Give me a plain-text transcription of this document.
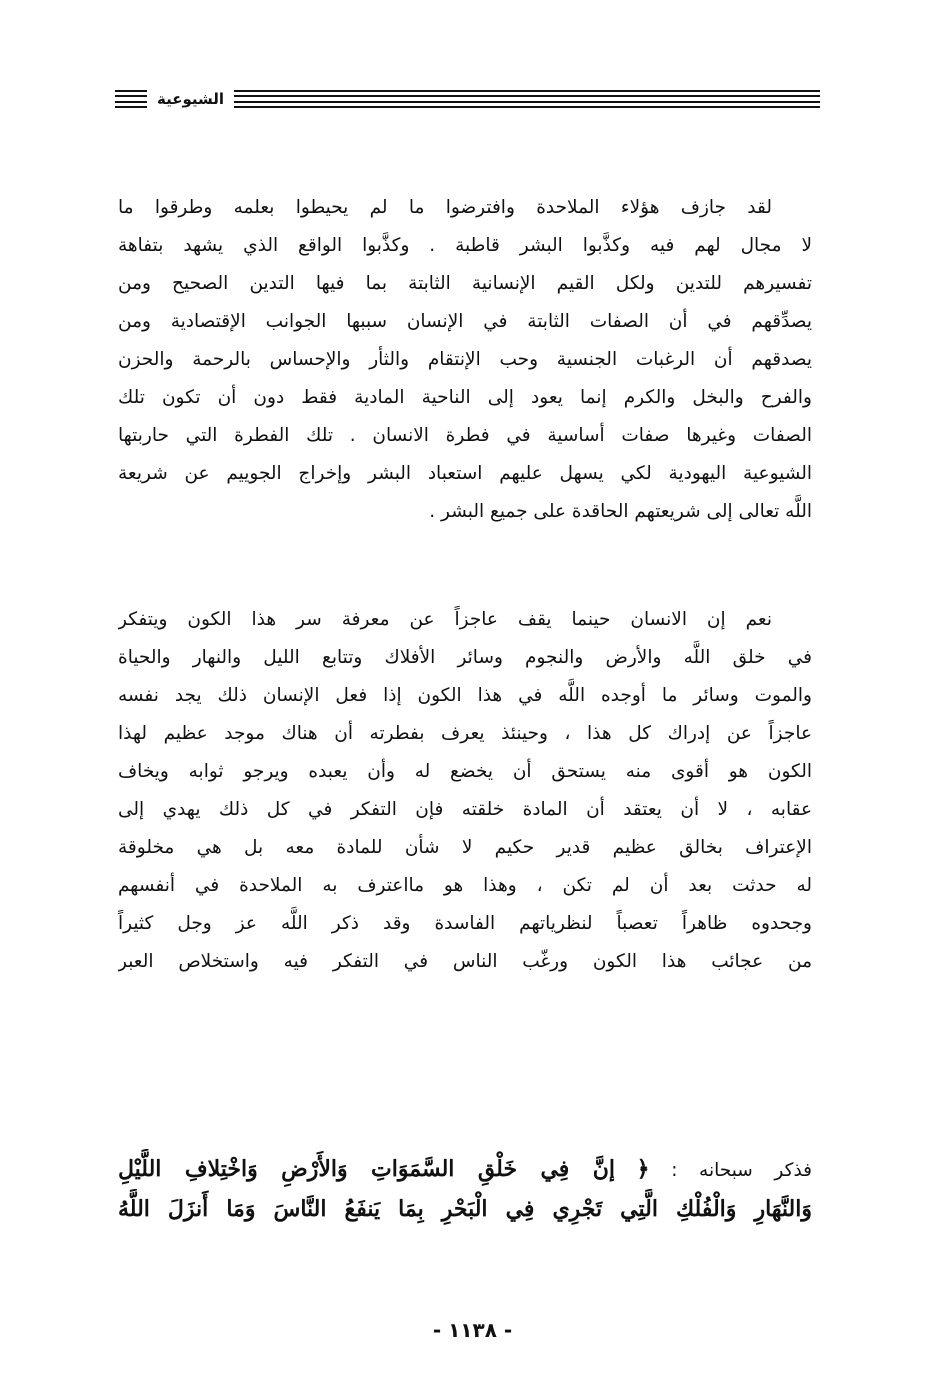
الشيوعية
لقد جازف هؤلاء الملاحدة وافترضوا ما لم يحيطوا بعلمه وطرقوا ما
لا مجال لهم فيه وكذَّبوا البشر قاطبة . وكذَّبوا الواقع الذي يشهد بتفاهة
تفسيرهم للتدين ولكل القيم الإنسانية الثابتة بما فيها التدين الصحيح ومن
يصدِّقهم في أن الصفات الثابتة في الإنسان سببها الجوانب الإقتصادية ومن
يصدقهم أن الرغبات الجنسية وحب الإنتقام والثأر والإحساس بالرحمة والحزن
والفرح والبخل والكرم إنما يعود إلى الناحية المادية فقط دون أن تكون تلك
الصفات وغيرها صفات أساسية في فطرة الانسان . تلك الفطرة التي حاربتها
الشيوعية اليهودية لكي يسهل عليهم استعباد البشر وإخراج الجوييم عن شريعة
اللَّه تعالى إلى شريعتهم الحاقدة على جميع البشر .
نعم إن الانسان حينما يقف عاجزاً عن معرفة سر هذا الكون ويتفكر
في خلق اللَّه والأرض والنجوم وسائر الأفلاك وتتابع الليل والنهار والحياة
والموت وسائر ما أوجده اللَّه في هذا الكون إذا فعل الإنسان ذلك يجد نفسه
عاجزاً عن إدراك كل هذا ، وحينئذ يعرف بفطرته أن هناك موجد عظيم لهذا
الكون هو أقوى منه يستحق أن يخضع له وأن يعبده ويرجو ثوابه ويخاف
عقابه ، لا أن يعتقد أن المادة خلقته فإن التفكر في كل ذلك يهدي إلى
الإعتراف بخالق عظيم قدير حكيم لا شأن للمادة معه بل هي مخلوقة
له حدثت بعد أن لم تكن ، وهذا هو مااعترف به الملاحدة في أنفسهم
وجحدوه ظاهراً تعصباً لنظرياتهم الفاسدة وقد ذكر اللَّه عز وجل كثيراً
من عجائب هذا الكون ورغّب الناس في التفكر فيه واستخلاص العبر
فذكر سبحانه : ﴿ إنَّ فِي خَلْقِ السَّمَوَاتِ وَالأَرْضِ وَاخْتِلافِ اللَّيْلِ
وَالنَّهَارِ وَالْفُلْكِ الَّتِي تَجْرِي فِي الْبَحْرِ بِمَا يَنفَعُ النَّاسَ وَمَا أَنزَلَ اللَّهُ
- ١١٣٨ -
